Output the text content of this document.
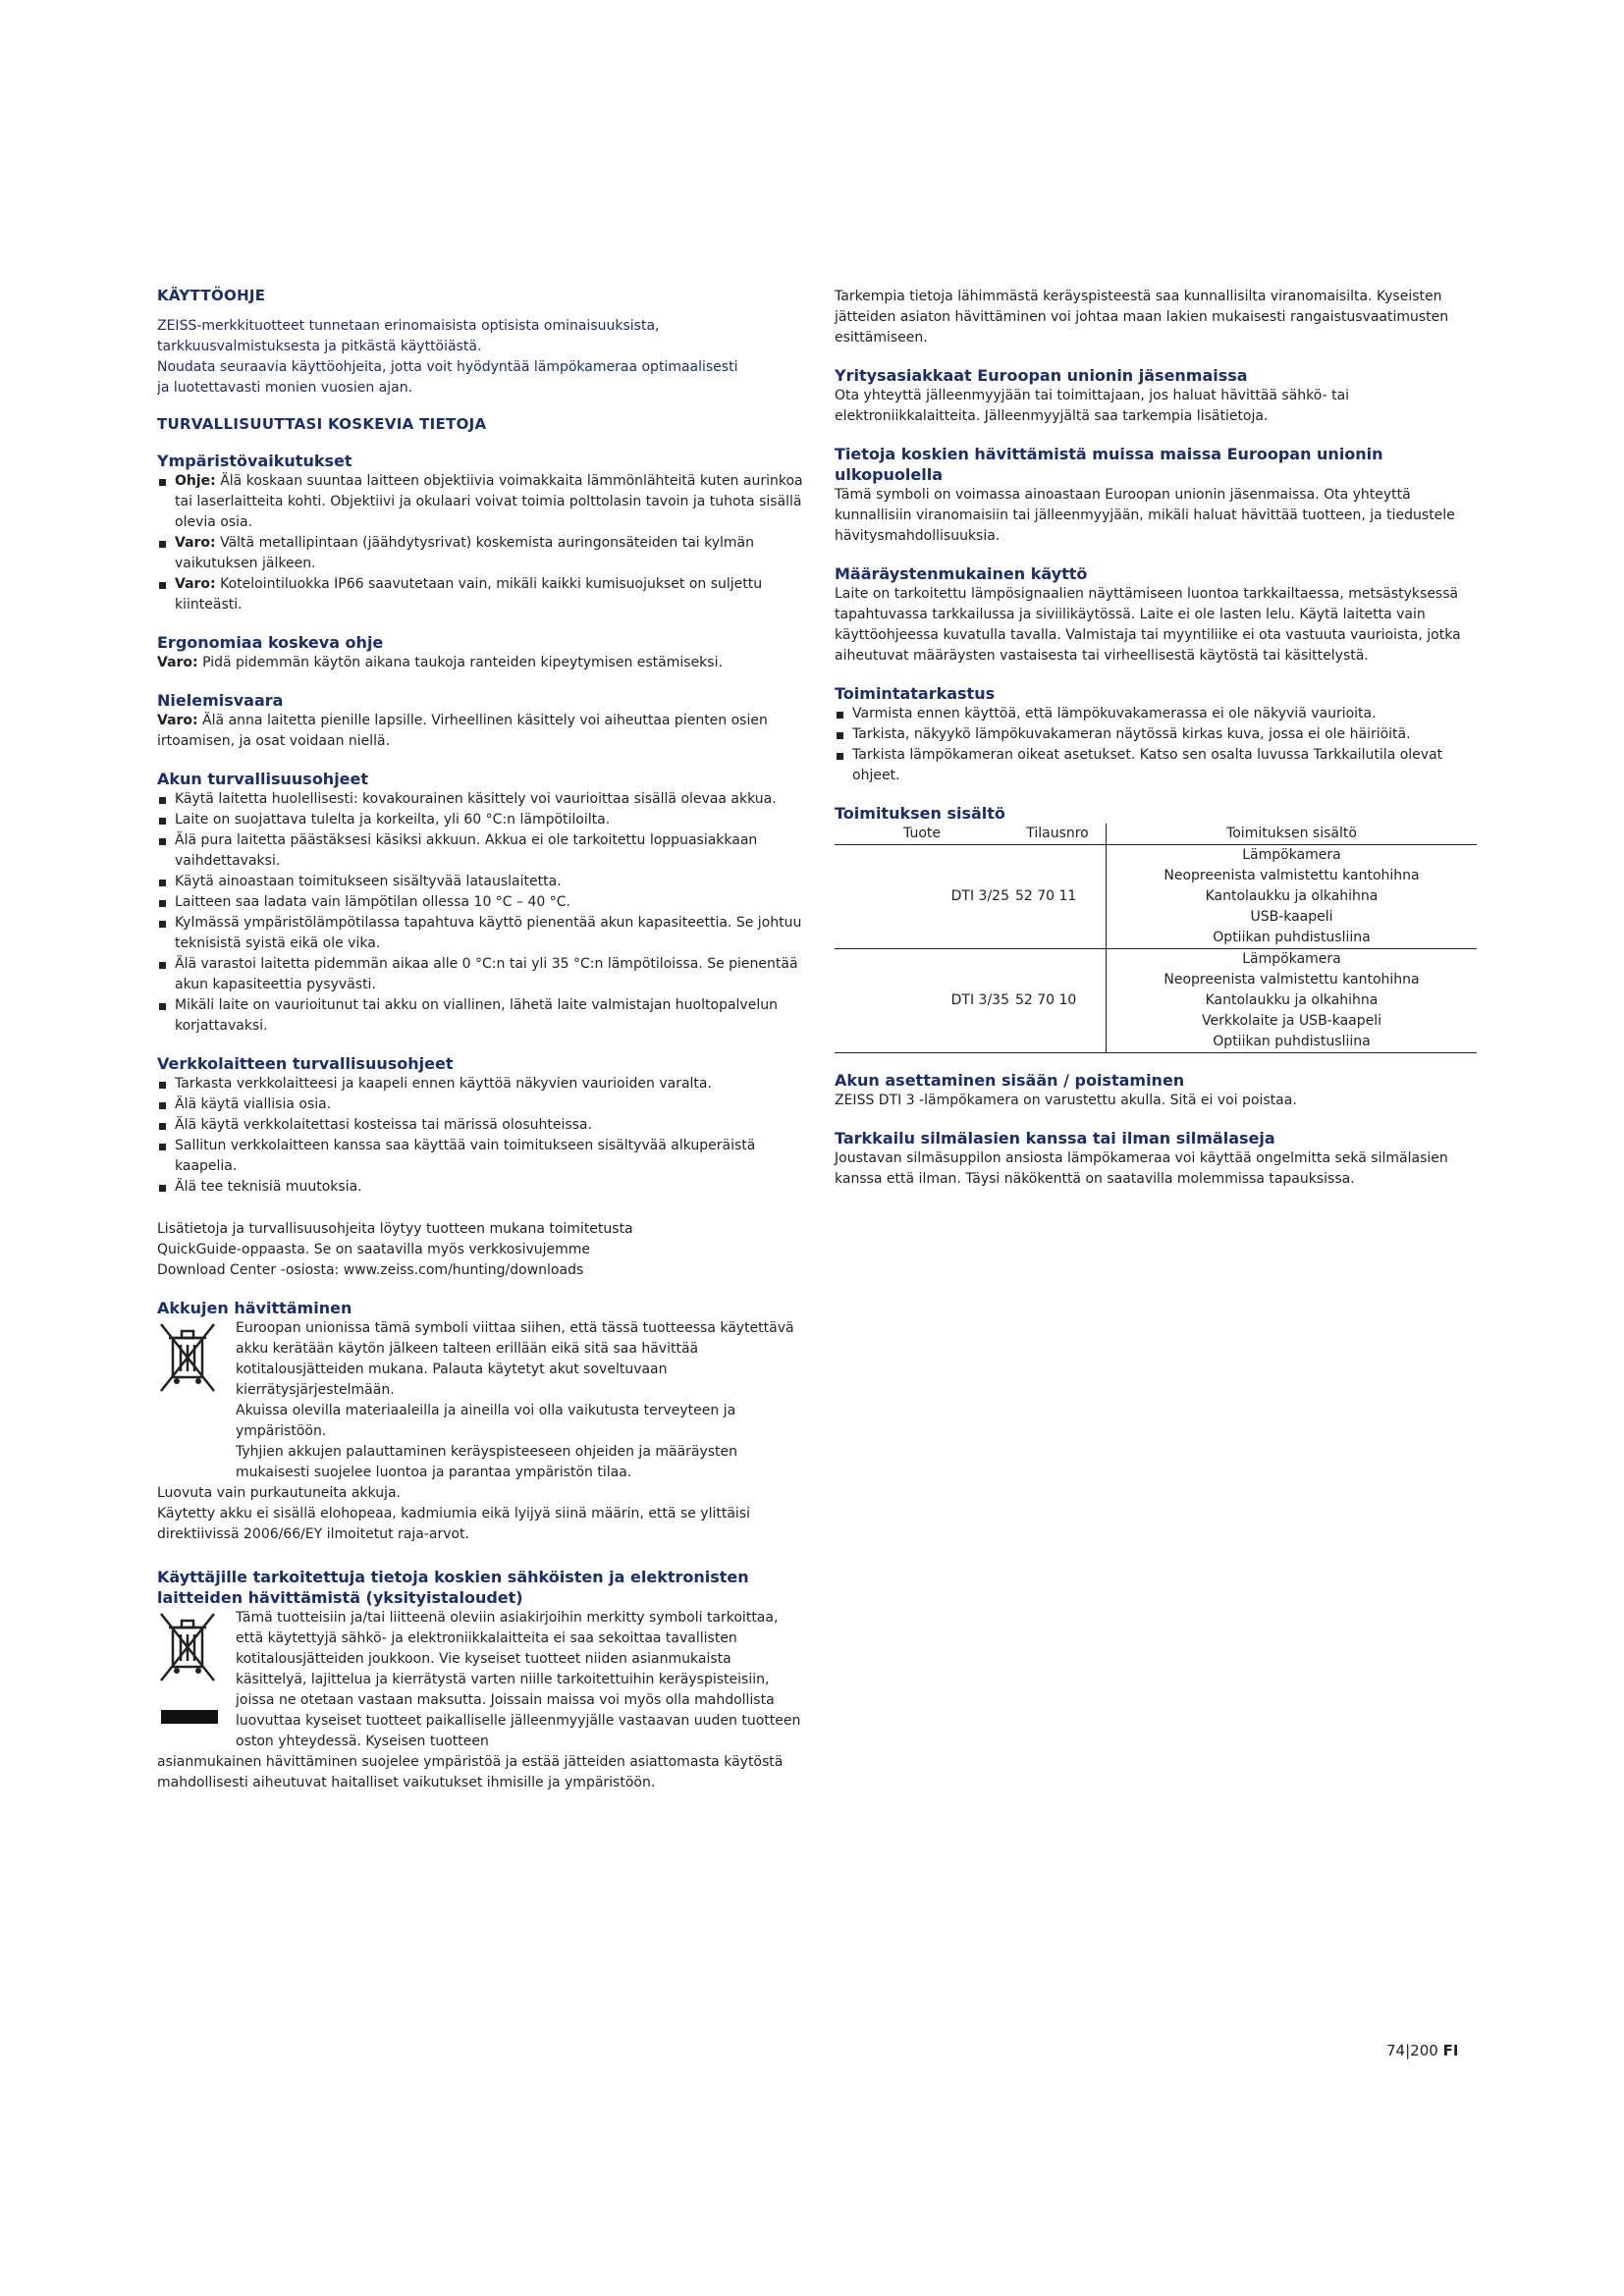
KÄYTTÖOHJE
ZEISS-merkkituotteet tunnetaan erinomaisista optisista ominaisuuksista,
tarkkuusvalmistuksesta ja pitkästä käyttöiästä.
Noudata seuraavia käyttöohjeita, jotta voit hyödyntää lämpökameraa optimaalisesti
ja luotettavasti monien vuosien ajan.
TURVALLISUUTTASI KOSKEVIA TIETOJA
Ympäristövaikutukset
Ohje: Älä koskaan suuntaa laitteen objektiivia voimakkaita lämmönlähteitä kuten aurinkoa tai laserlaitteita kohti. Objektiivi ja okulaari voivat toimia polttolasin tavoin ja tuhota sisällä olevia osia.
Varo: Vältä metallipintaan (jäähdytysrivat) koskemista auringonsäteiden tai kylmän vaikutuksen jälkeen.
Varo: Kotelointiluokka IP66 saavutetaan vain, mikäli kaikki kumisuojukset on suljettu kiinteästi.
Ergonomiaa koskeva ohje
Varo: Pidä pidemmän käytön aikana taukoja ranteiden kipeytymisen estämiseksi.
Nielemisvaara
Varo: Älä anna laitetta pienille lapsille. Virheellinen käsittely voi aiheuttaa pienten osien irtoamisen, ja osat voidaan niellä.
Akun turvallisuusohjeet
Käytä laitetta huolellisesti: kovakourainen käsittely voi vaurioittaa sisällä olevaa akkua.
Laite on suojattava tulelta ja korkeilta, yli 60 °C:n lämpötiloilta.
Älä pura laitetta päästäksesi käsiksi akkuun. Akkua ei ole tarkoitettu loppuasiakkaan vaihdettavaksi.
Käytä ainoastaan toimitukseen sisältyvää latauslaitetta.
Laitteen saa ladata vain lämpötilan ollessa 10 °C – 40 °C.
Kylmässä ympäristölämpötilassa tapahtuva käyttö pienentää akun kapasiteettia. Se johtuu teknisistä syistä eikä ole vika.
Älä varastoi laitetta pidemmän aikaa alle 0 °C:n tai yli 35 °C:n lämpötiloissa. Se pienentää akun kapasiteettia pysyvästi.
Mikäli laite on vaurioitunut tai akku on viallinen, lähetä laite valmistajan huoltopalvelun korjattavaksi.
Verkkolaitteen turvallisuusohjeet
Tarkasta verkkolaitteesi ja kaapeli ennen käyttöä näkyvien vaurioiden varalta.
Älä käytä viallisia osia.
Älä käytä verkkolaitettasi kosteissa tai märissä olosuhteissa.
Sallitun verkkolaitteen kanssa saa käyttää vain toimitukseen sisältyvää alkuperäistä kaapelia.
Älä tee teknisiä muutoksia.
Lisätietoja ja turvallisuusohjeita löytyy tuotteen mukana toimitetusta
QuickGuide-oppaasta. Se on saatavilla myös verkkosivujemme
Download Center -osiosta: www.zeiss.com/hunting/downloads
Akkujen hävittäminen
Euroopan unionissa tämä symboli viittaa siihen, että tässä tuotteessa käytettävä akku kerätään käytön jälkeen talteen erillään eikä sitä saa hävittää kotitalousjätteiden mukana. Palauta käytetyt akut soveltuvaan kierrätysjärjestelmään.
Akuissa olevilla materiaaleilla ja aineilla voi olla vaikutusta terveyteen ja ympäristöön.
Tyhjien akkujen palauttaminen keräyspisteeseen ohjeiden ja määräysten mukaisesti suojelee luontoa ja parantaa ympäristön tilaa.
Luovuta vain purkautuneita akkuja.
Käytetty akku ei sisällä elohopeaa, kadmiumia eikä lyijyä siinä määrin, että se ylittäisi direktiivissä 2006/66/EY ilmoitetut raja-arvot.
Käyttäjille tarkoitettuja tietoja koskien sähköisten ja elektronisten laitteiden hävittämistä (yksityistaloudet)
Tämä tuotteisiin ja/tai liitteenä oleviin asiakirjoihin merkitty symboli tarkoittaa, että käytettyjä sähkö- ja elektroniikkalaitteita ei saa sekoittaa tavallisten kotitalousjätteiden joukkoon. Vie kyseiset tuotteet niiden asianmukaista käsittelyä, lajittelua ja kierrätystä varten niille tarkoitettuihin keräyspisteisiin, joissa ne otetaan vastaan maksutta. Joissain maissa voi myös olla mahdollista luovuttaa kyseiset tuotteet paikalliselle jälleenmyyjälle vastaavan uuden tuotteen oston yhteydessä. Kyseisen tuotteen
asianmukainen hävittäminen suojelee ympäristöä ja estää jätteiden asiattomasta käytöstä mahdollisesti aiheutuvat haitalliset vaikutukset ihmisille ja ympäristöön.
Tarkempia tietoja lähimmästä keräyspisteestä saa kunnallisilta viranomaisilta. Kyseisten jätteiden asiaton hävittäminen voi johtaa maan lakien mukaisesti rangaistusvaatimusten esittämiseen.
Yritysasiakkaat Euroopan unionin jäsenmaissa
Ota yhteyttä jälleenmyyjään tai toimittajaan, jos haluat hävittää sähkö- tai elektroniikkalaitteita. Jälleenmyyjältä saa tarkempia lisätietoja.
Tietoja koskien hävittämistä muissa maissa Euroopan unionin ulkopuolella
Tämä symboli on voimassa ainoastaan Euroopan unionin jäsenmaissa. Ota yhteyttä kunnallisiin viranomaisiin tai jälleenmyyjään, mikäli haluat hävittää tuotteen, ja tiedustele hävitysmahdollisuuksia.
Määräystenmukainen käyttö
Laite on tarkoitettu lämpösignaalien näyttämiseen luontoa tarkkailtaessa, metsästyksessä tapahtuvassa tarkkailussa ja siviilikäytössä. Laite ei ole lasten lelu. Käytä laitetta vain käyttöohjeessa kuvatulla tavalla. Valmistaja tai myyntiliike ei ota vastuuta vaurioista, jotka aiheutuvat määräysten vastaisesta tai virheellisestä käytöstä tai käsittelystä.
Toimintatarkastus
Varmista ennen käyttöä, että lämpökuvakamerassa ei ole näkyviä vaurioita.
Tarkista, näkyykö lämpökuvakameran näytössä kirkas kuva, jossa ei ole häiriöitä.
Tarkista lämpökameran oikeat asetukset. Katso sen osalta luvussa Tarkkailutila olevat ohjeet.
Toimituksen sisältö
Tuote	Tilausnro	Toimituksen sisältö
DTI 3/25	52 70 11	Lämpökamera
Neopreenista valmistettu kantohihna
Kantolaukku ja olkahihna
USB-kaapeli
Optiikan puhdistusliina

DTI 3/35	52 70 10	Lämpökamera
Neopreenista valmistettu kantohihna
Kantolaukku ja olkahihna
Verkkolaite ja USB-kaapeli
Optiikan puhdistusliina
Akun asettaminen sisään / poistaminen
ZEISS DTI 3 -lämpökamera on varustettu akulla. Sitä ei voi poistaa.
Tarkkailu silmälasien kanssa tai ilman silmälaseja
Joustavan silmäsuppilon ansiosta lämpökameraa voi käyttää ongelmitta sekä silmälasien kanssa että ilman. Täysi näkökenttä on saatavilla molemmissa tapauksissa.
74|200 FI
